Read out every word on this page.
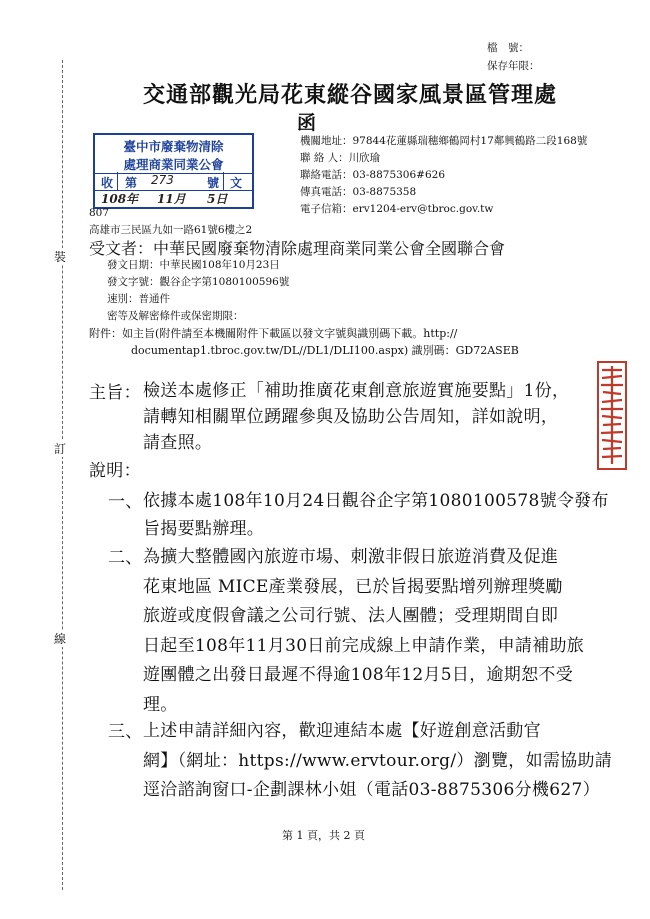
裝
訂
線
檔　號：
保存年限：
交通部觀光局花東縱谷國家風景區管理處
函
臺中市廢棄物清除
處理商業同業公會
收 第 273	號 文
108年 11月 5日
機關地址：97844花蓮縣瑞穗鄉鶴岡村17鄰興鶴路二段168號
聯 絡 人：川欣瑜
聯絡電話：03-8875306#626
傳真電話：03-8875358
電子信箱：erv1204-erv@tbroc.gov.tw
807
高雄市三民區九如一路61號6樓之2
受文者：中華民國廢棄物清除處理商業同業公會全國聯合會
發文日期：中華民國108年10月23日
發文字號：觀谷企字第1080100596號
速別：普通件
密等及解密條件或保密期限：
附件：如主旨(附件請至本機關附件下載區以發文字號與識別碼下載。http://
documentap1.tbroc.gov.tw/DL//DL1/DLI100.aspx) 識別碼：GD72ASEB
主旨： 檢送本處修正「補助推廣花東創意旅遊實施要點」1份，
請轉知相關單位踴躍參與及協助公告周知，詳如說明，
請查照。
說明：
一、 依據本處108年10月24日觀谷企字第1080100578號令發布
旨揭要點辦理。
二、 為擴大整體國內旅遊市場、刺激非假日旅遊消費及促進
花東地區 MICE產業發展，已於旨揭要點增列辦理獎勵
旅遊或度假會議之公司行號、法人團體；受理期間自即
日起至108年11月30日前完成線上申請作業，申請補助旅
遊團體之出發日最遲不得逾108年12月5日，逾期恕不受
理。
三、 上述申請詳細內容，歡迎連結本處【好遊創意活動官
網】（網址：https://www.ervtour.org/）瀏覽，如需協助請
逕洽諮詢窗口-企劃課林小姐（電話03-8875306分機627）
第 1 頁，共 2 頁
